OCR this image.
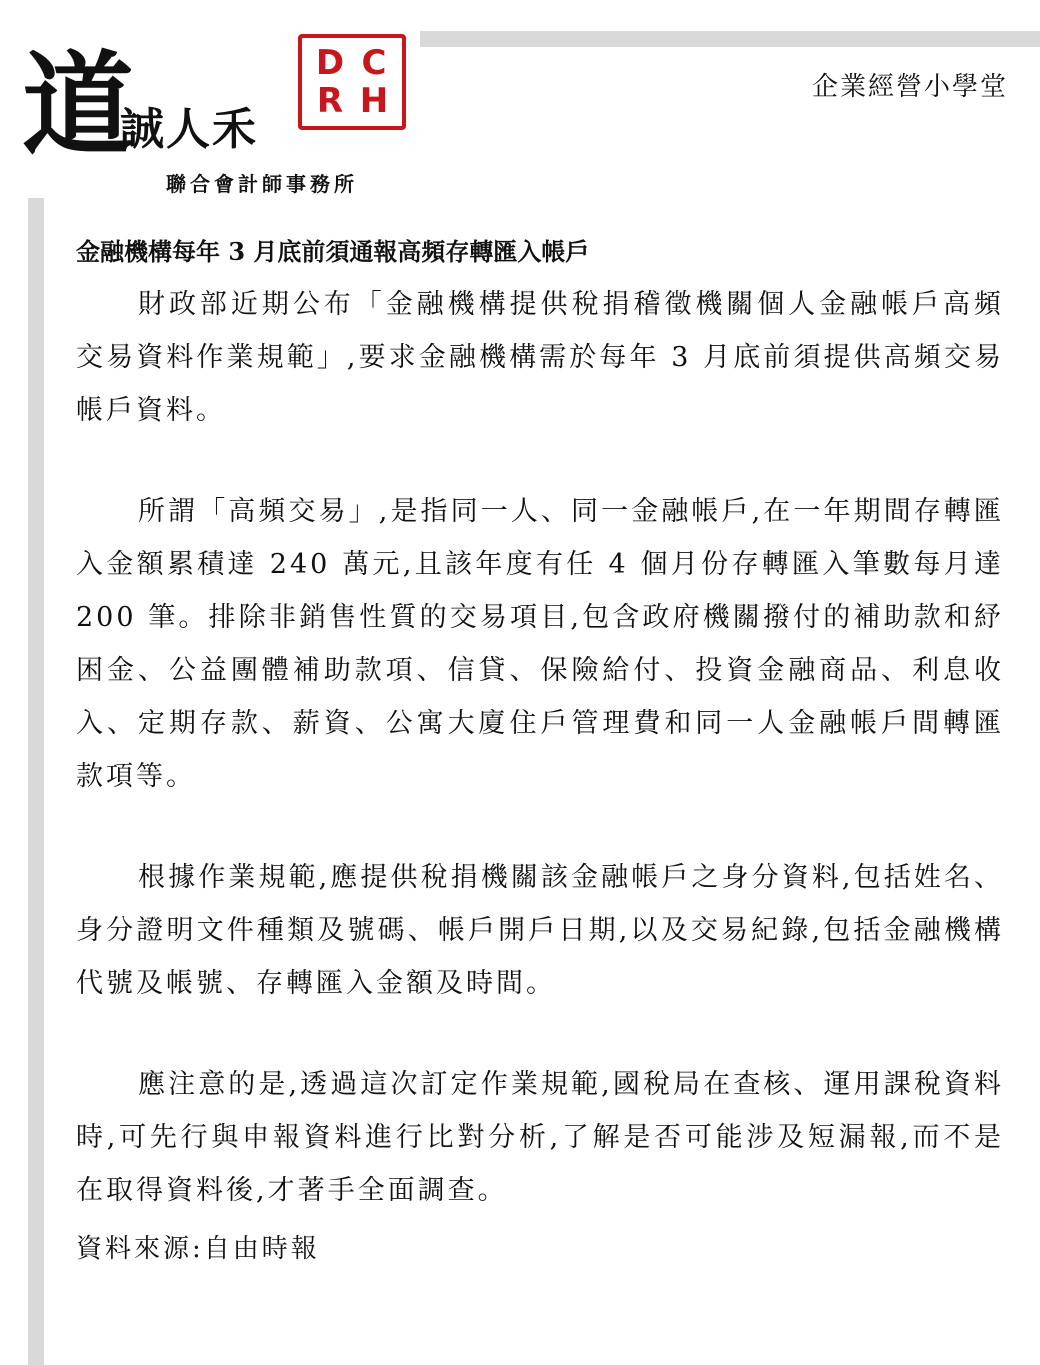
道
誠人禾
D CR H
聯合會計師事務所
企業經營小學堂
金融機構每年 3 月底前須通報高頻存轉匯入帳戶

財政部近期公布「金融機構提供稅捐稽徵機關個人金融帳戶高頻交易資料作業規範」,要求金融機構需於每年 3 月底前須提供高頻交易帳戶資料。

所謂「高頻交易」,是指同一人、同一金融帳戶,在一年期間存轉匯入金額累積達 240 萬元,且該年度有任 4 個月份存轉匯入筆數每月達 200 筆。排除非銷售性質的交易項目,包含政府機關撥付的補助款和紓困金、公益團體補助款項、信貸、保險給付、投資金融商品、利息收入、定期存款、薪資、公寓大廈住戶管理費和同一人金融帳戶間轉匯款項等。

根據作業規範,應提供稅捐機關該金融帳戶之身分資料,包括姓名、身分證明文件種類及號碼、帳戶開戶日期,以及交易紀錄,包括金融機構代號及帳號、存轉匯入金額及時間。

應注意的是,透過這次訂定作業規範,國稅局在查核、運用課稅資料時,可先行與申報資料進行比對分析,了解是否可能涉及短漏報,而不是在取得資料後,才著手全面調查。

資料來源:自由時報
